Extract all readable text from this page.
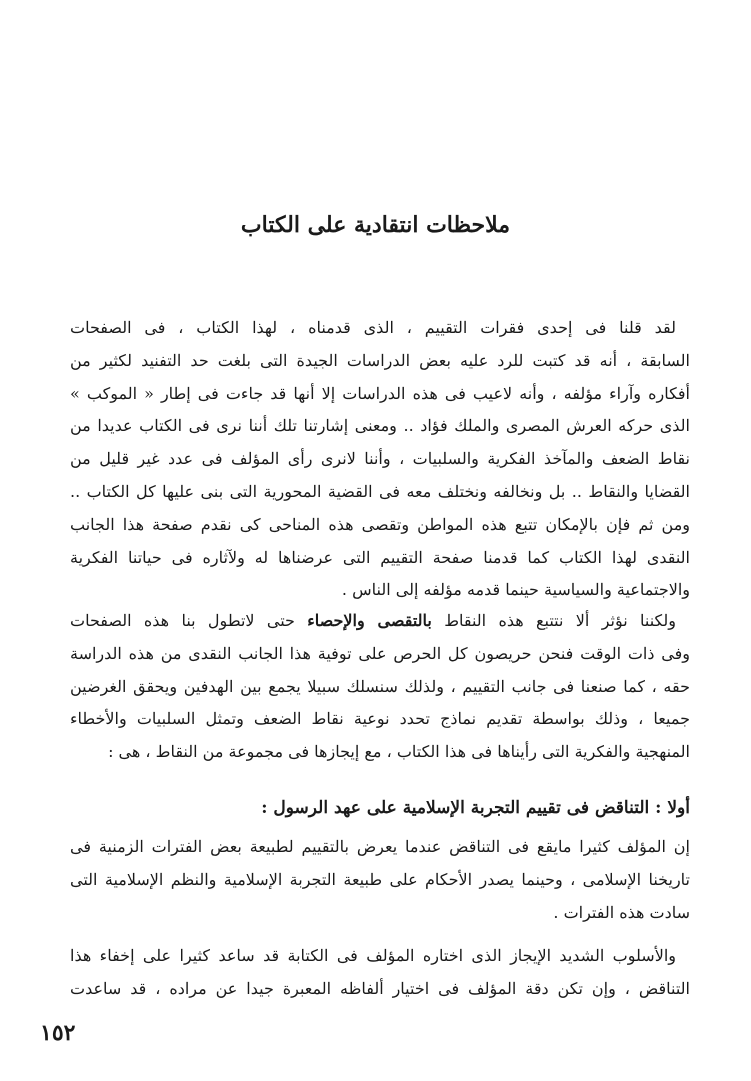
ملاحظات انتقادية على الكتاب
لقد قلنا فى إحدى فقرات التقييم ، الذى قدمناه ، لهذا الكتاب ، فى الصفحات
السابقة ، أنه قد كتبت للرد عليه بعض الدراسات الجيدة التى بلغت حد التفنيد لكثير من
أفكاره وآراء مؤلفه ، وأنه لاعيب فى هذه الدراسات إلا أنها قد جاءت فى إطار « الموكب »
الذى حركه العرش المصرى والملك فؤاد .. ومعنى إشارتنا تلك أننا نرى فى الكتاب عديدا من
نقاط الضعف والمآخذ الفكرية والسلبيات ، وأننا لانرى رأى المؤلف فى عدد غير قليل من
القضايا والنقاط .. بل ونخالفه ونختلف معه فى القضية المحورية التى بنى عليها كل الكتاب ..
ومن ثم فإن بالإمكان تتبع هذه المواطن وتقصى هذه المناحى كى نقدم صفحة هذا الجانب
النقدى لهذا الكتاب كما قدمنا صفحة التقييم التى عرضناها له ولآثاره فى حياتنا الفكرية
والاجتماعية والسياسية حينما قدمه مؤلفه إلى الناس .
ولكننا نؤثر ألا نتتبع هذه النقاط بالتقصى والإحصاء حتى لاتطول بنا هذه الصفحات
وفى ذات الوقت فنحن حريصون كل الحرص على توفية هذا الجانب النقدى من هذه الدراسة
حقه ، كما صنعنا فى جانب التقييم ، ولذلك سنسلك سبيلا يجمع بين الهدفين ويحقق الغرضين
جميعا ، وذلك بواسطة تقديم نماذج تحدد نوعية نقاط الضعف وتمثل السلبيات والأخطاء
المنهجية والفكرية التى رأيناها فى هذا الكتاب ، مع إيجازها فى مجموعة من النقاط ، هى :
أولا : التناقض فى تقييم التجربة الإسلامية على عهد الرسول :
إن المؤلف كثيرا مايقع فى التناقض عندما يعرض بالتقييم لطبيعة بعض الفترات الزمنية فى
تاريخنا الإسلامى ، وحينما يصدر الأحكام على طبيعة التجربة الإسلامية والنظم الإسلامية التى
سادت هذه الفترات .
والأسلوب الشديد الإيجاز الذى اختاره المؤلف فى الكتابة قد ساعد كثيرا على إخفاء هذا
التناقض ، وإن تكن دقة المؤلف فى اختيار ألفاظه المعبرة جيدا عن مراده ، قد ساعدت
١٥٢
